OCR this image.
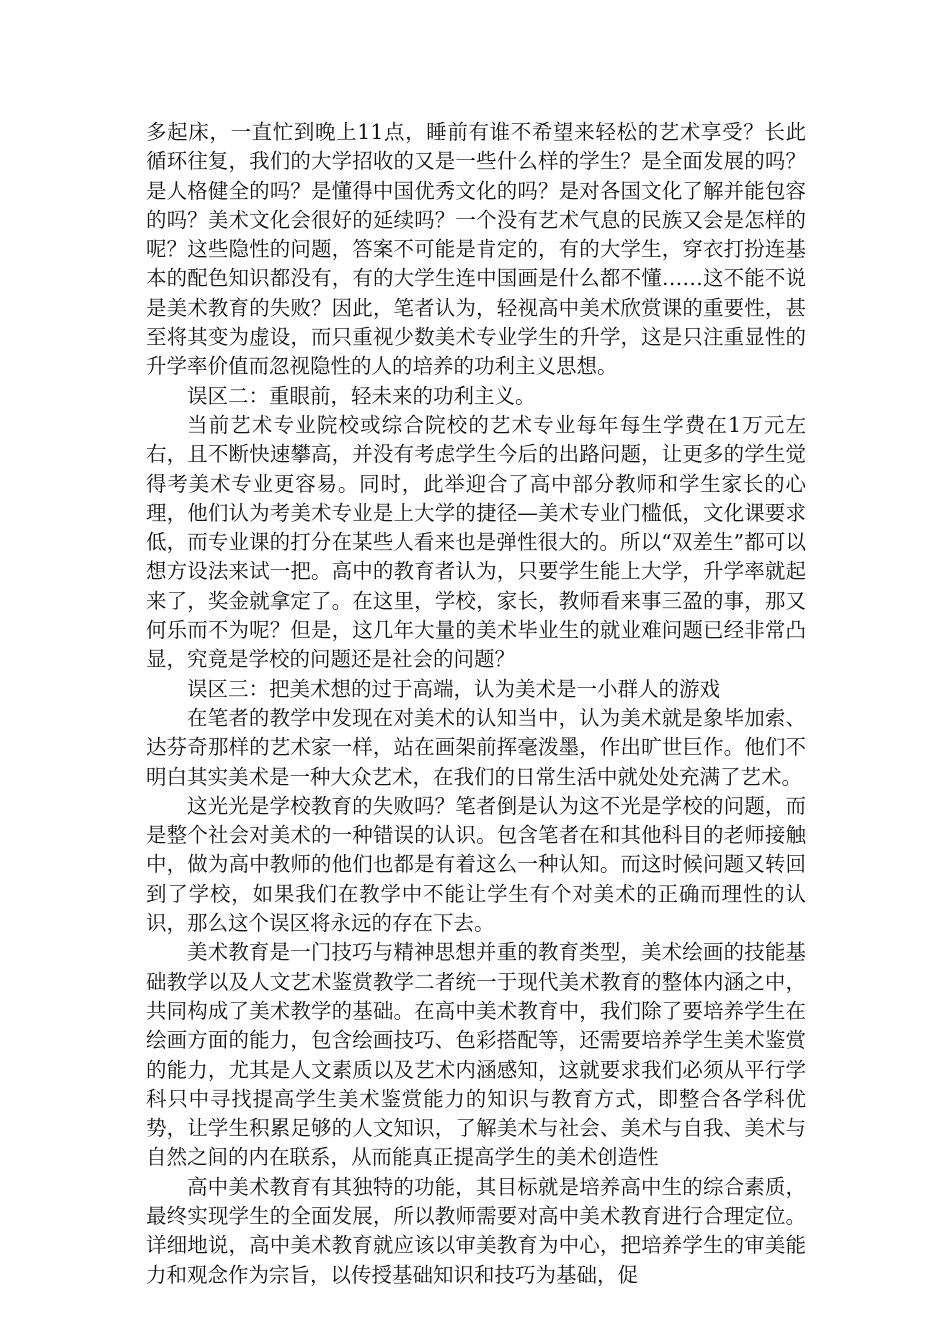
多起床，一直忙到晚上11点，睡前有谁不希望来轻松的艺术享受？长此循环往复，我们的大学招收的又是一些什么样的学生？是全面发展的吗？是人格健全的吗？是懂得中国优秀文化的吗？是对各国文化了解并能包容的吗？美术文化会很好的延续吗？一个没有艺术气息的民族又会是怎样的呢？这些隐性的问题，答案不可能是肯定的，有的大学生，穿衣打扮连基本的配色知识都没有，有的大学生连中国画是什么都不懂……这不能不说是美术教育的失败？因此，笔者认为，轻视高中美术欣赏课的重要性，甚至将其变为虚设，而只重视少数美术专业学生的升学，这是只注重显性的升学率价值而忽视隐性的人的培养的功利主义思想。

误区二：重眼前，轻未来的功利主义。

当前艺术专业院校或综合院校的艺术专业每年每生学费在1万元左右，且不断快速攀高，并没有考虑学生今后的出路问题，让更多的学生觉得考美术专业更容易。同时，此举迎合了高中部分教师和学生家长的心理，他们认为考美术专业是上大学的捷径—美术专业门槛低，文化课要求低，而专业课的打分在某些人看来也是弹性很大的。所以“双差生”都可以想方设法来试一把。高中的教育者认为，只要学生能上大学，升学率就起来了，奖金就拿定了。在这里，学校，家长，教师看来事三盈的事，那又何乐而不为呢？但是，这几年大量的美术毕业生的就业难问题已经非常凸显，究竟是学校的问题还是社会的问题？

误区三：把美术想的过于高端，认为美术是一小群人的游戏

在笔者的教学中发现在对美术的认知当中，认为美术就是象毕加索、达芬奇那样的艺术家一样，站在画架前挥毫泼墨，作出旷世巨作。他们不明白其实美术是一种大众艺术，在我们的日常生活中就处处充满了艺术。

这光光是学校教育的失败吗？笔者倒是认为这不光是学校的问题，而是整个社会对美术的一种错误的认识。包含笔者在和其他科目的老师接触中，做为高中教师的他们也都是有着这么一种认知。而这时候问题又转回到了学校，如果我们在教学中不能让学生有个对美术的正确而理性的认识，那么这个误区将永远的存在下去。

美术教育是一门技巧与精神思想并重的教育类型，美术绘画的技能基础教学以及人文艺术鉴赏教学二者统一于现代美术教育的整体内涵之中，共同构成了美术教学的基础。在高中美术教育中，我们除了要培养学生在绘画方面的能力，包含绘画技巧、色彩搭配等，还需要培养学生美术鉴赏的能力，尤其是人文素质以及艺术内涵感知，这就要求我们必须从平行学科只中寻找提高学生美术鉴赏能力的知识与教育方式，即整合各学科优势，让学生积累足够的人文知识，了解美术与社会、美术与自我、美术与自然之间的内在联系，从而能真正提高学生的美术创造性

高中美术教育有其独特的功能，其目标就是培养高中生的综合素质，最终实现学生的全面发展，所以教师需要对高中美术教育进行合理定位。详细地说，高中美术教育就应该以审美教育为中心，把培养学生的审美能力和观念作为宗旨，以传授基础知识和技巧为基础，促
